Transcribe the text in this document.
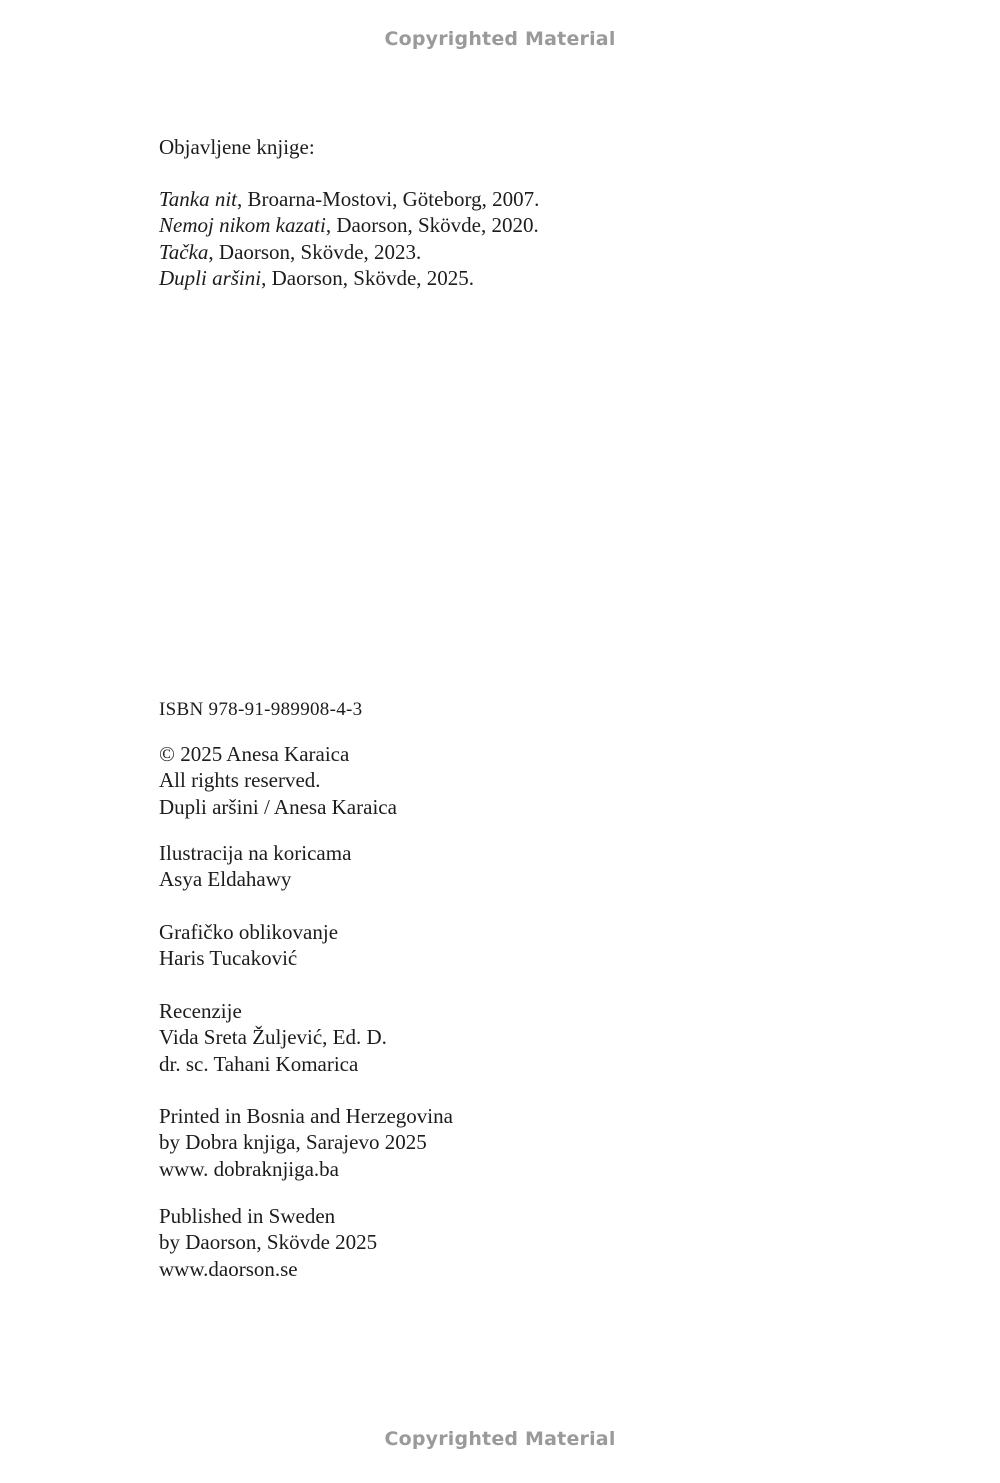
Copyrighted Material
Objavljene knjige:
Tanka nit, Broarna-Mostovi, Göteborg, 2007.
Nemoj nikom kazati, Daorson, Skövde, 2020.
Tačka, Daorson, Skövde, 2023.
Dupli aršini, Daorson, Skövde, 2025.
ISBN 978-91-989908-4-3
© 2025 Anesa Karaica
All rights reserved.
Dupli aršini / Anesa Karaica
Ilustracija na koricama
Asya Eldahawy
Grafičko oblikovanje
Haris Tucaković
Recenzije
Vida Sreta Žuljević, Ed. D.
dr. sc. Tahani Komarica
Printed in Bosnia and Herzegovina
by Dobra knjiga, Sarajevo 2025
www. dobraknjiga.ba
Published in Sweden
by Daorson, Skövde 2025
www.daorson.se
Copyrighted Material
